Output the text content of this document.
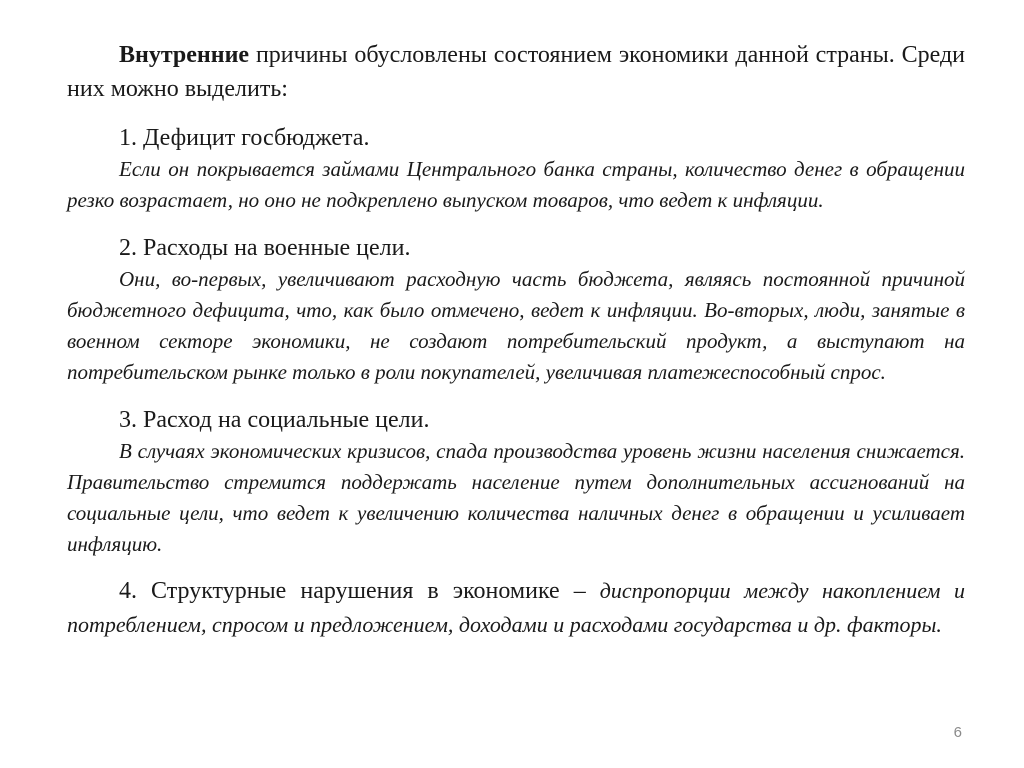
Внутренние причины обусловлены состоянием экономики данной страны. Среди них можно выделить:

1. Дефицит госбюджета.

Если он покрывается займами Центрального банка страны, количество денег в обращении резко возрастает, но оно не подкреплено выпуском товаров, что ведет к инфляции.

2. Расходы на военные цели.

Они, во-первых, увеличивают расходную часть бюджета, являясь постоянной причиной бюджетного дефицита, что, как было отмечено, ведет к инфляции. Во-вторых, люди, занятые в военном секторе экономики, не создают потребительский продукт, а выступают на потребительском рынке только в роли покупателей, увеличивая платежеспособный спрос.

3. Расход на социальные цели.

В случаях экономических кризисов, спада производства уровень жизни населения снижается. Правительство стремится поддержать население путем дополнительных ассигнований на социальные цели, что ведет к увеличению количества наличных денег в обращении и усиливает инфляцию.

4. Структурные нарушения в экономике – диспропорции между накоплением и потреблением, спросом и предложением, доходами и расходами государства и др. факторы.

6
